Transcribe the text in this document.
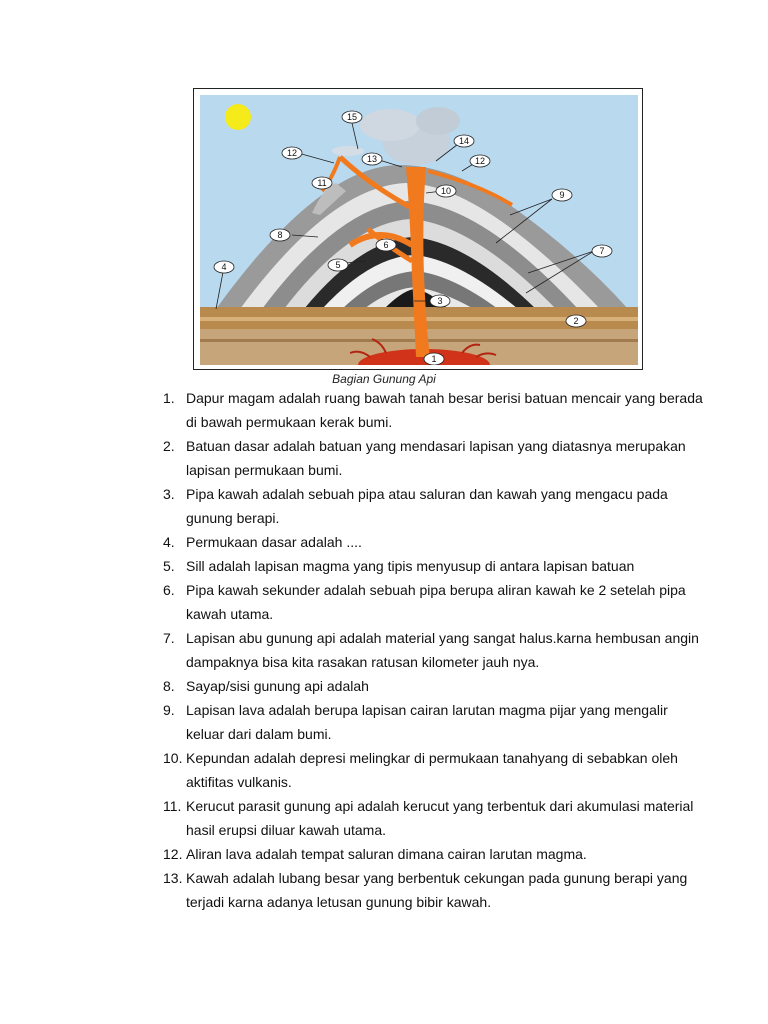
15
12
13
14
12
11
10	9
8
6
7
5
4
3
2
1
Bagian Gunung Api
1. Dapur magam adalah ruang bawah tanah besar berisi batuan mencair yang berada di bawah permukaan kerak bumi.
2. Batuan dasar adalah batuan yang mendasari lapisan yang diatasnya merupakan lapisan permukaan bumi.
3. Pipa kawah adalah sebuah pipa atau saluran dan kawah yang mengacu pada gunung berapi.
4. Permukaan dasar adalah ....
5. Sill adalah lapisan magma yang tipis menyusup di antara lapisan batuan
6. Pipa kawah sekunder adalah sebuah pipa berupa aliran kawah ke 2 setelah pipa kawah utama.
7. Lapisan abu gunung api adalah material yang sangat halus.karna hembusan angin dampaknya bisa kita rasakan ratusan kilometer jauh nya.
8. Sayap/sisi gunung api adalah
9. Lapisan lava adalah berupa lapisan cairan larutan magma pijar yang mengalir keluar dari dalam bumi.
10. Kepundan adalah depresi melingkar di permukaan tanahyang di sebabkan oleh aktifitas vulkanis.
11. Kerucut parasit gunung api adalah kerucut yang terbentuk dari akumulasi material hasil erupsi diluar kawah utama.
12. Aliran lava adalah tempat saluran dimana cairan larutan magma.
13. Kawah adalah lubang besar yang berbentuk cekungan pada gunung berapi yang terjadi karna adanya letusan gunung bibir kawah.
